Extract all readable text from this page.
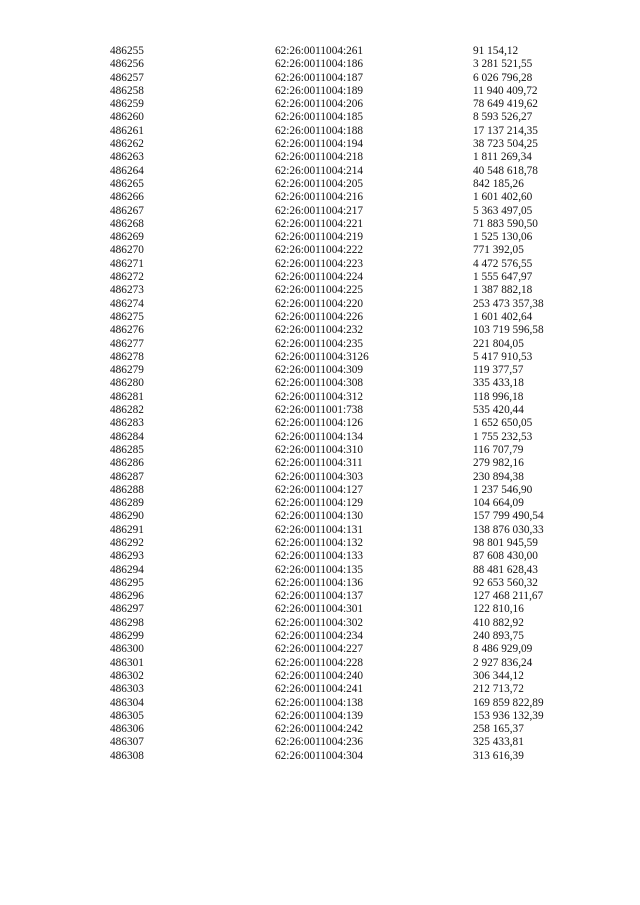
486255	62:26:0011004:261	91 154,12
486256	62:26:0011004:186	3 281 521,55
486257	62:26:0011004:187	6 026 796,28
486258	62:26:0011004:189	11 940 409,72
486259	62:26:0011004:206	78 649 419,62
486260	62:26:0011004:185	8 593 526,27
486261	62:26:0011004:188	17 137 214,35
486262	62:26:0011004:194	38 723 504,25
486263	62:26:0011004:218	1 811 269,34
486264	62:26:0011004:214	40 548 618,78
486265	62:26:0011004:205	842 185,26
486266	62:26:0011004:216	1 601 402,60
486267	62:26:0011004:217	5 363 497,05
486268	62:26:0011004:221	71 883 590,50
486269	62:26:0011004:219	1 525 130,06
486270	62:26:0011004:222	771 392,05
486271	62:26:0011004:223	4 472 576,55
486272	62:26:0011004:224	1 555 647,97
486273	62:26:0011004:225	1 387 882,18
486274	62:26:0011004:220	253 473 357,38
486275	62:26:0011004:226	1 601 402,64
486276	62:26:0011004:232	103 719 596,58
486277	62:26:0011004:235	221 804,05
486278	62:26:0011004:3126	5 417 910,53
486279	62:26:0011004:309	119 377,57
486280	62:26:0011004:308	335 433,18
486281	62:26:0011004:312	118 996,18
486282	62:26:0011001:738	535 420,44
486283	62:26:0011004:126	1 652 650,05
486284	62:26:0011004:134	1 755 232,53
486285	62:26:0011004:310	116 707,79
486286	62:26:0011004:311	279 982,16
486287	62:26:0011004:303	230 894,38
486288	62:26:0011004:127	1 237 546,90
486289	62:26:0011004:129	104 664,09
486290	62:26:0011004:130	157 799 490,54
486291	62:26:0011004:131	138 876 030,33
486292	62:26:0011004:132	98 801 945,59
486293	62:26:0011004:133	87 608 430,00
486294	62:26:0011004:135	88 481 628,43
486295	62:26:0011004:136	92 653 560,32
486296	62:26:0011004:137	127 468 211,67
486297	62:26:0011004:301	122 810,16
486298	62:26:0011004:302	410 882,92
486299	62:26:0011004:234	240 893,75
486300	62:26:0011004:227	8 486 929,09
486301	62:26:0011004:228	2 927 836,24
486302	62:26:0011004:240	306 344,12
486303	62:26:0011004:241	212 713,72
486304	62:26:0011004:138	169 859 822,89
486305	62:26:0011004:139	153 936 132,39
486306	62:26:0011004:242	258 165,37
486307	62:26:0011004:236	325 433,81
486308	62:26:0011004:304	313 616,39
